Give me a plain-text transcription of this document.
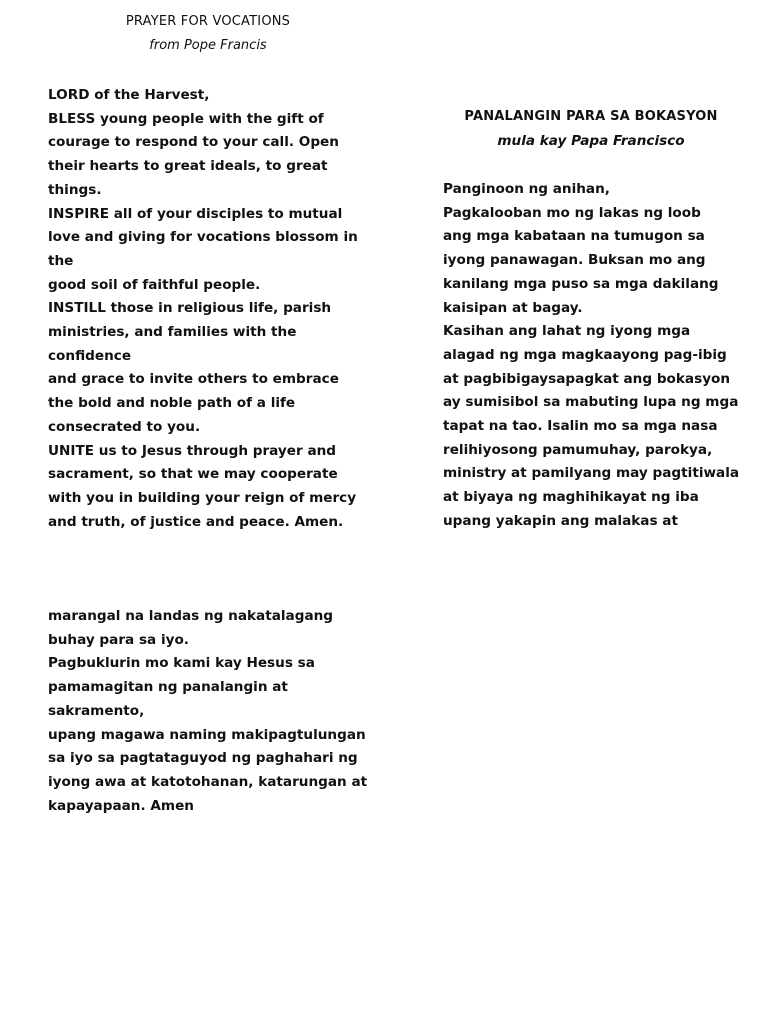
PRAYER FOR VOCATIONS
from Pope Francis
LORD of the Harvest,
BLESS young people with the gift of
courage to respond to your call. Open
their hearts to great ideals, to great
things.
INSPIRE all of your disciples to mutual
love and giving for vocations blossom in
the
good soil of faithful people.
INSTILL those in religious life, parish
ministries, and families with the
confidence
and grace to invite others to embrace
the bold and noble path of a life
consecrated to you.
UNITE us to Jesus through prayer and
sacrament, so that we may cooperate
with you in building your reign of mercy
and truth, of justice and peace. Amen.
PANALANGIN PARA SA BOKASYON
mula kay Papa Francisco
Panginoon ng anihan,
Pagkalooban mo ng lakas ng loob
ang mga kabataan na tumugon sa
iyong panawagan. Buksan mo ang
kanilang mga puso sa mga dakilang
kaisipan at bagay.
Kasihan ang lahat ng iyong mga
alagad ng mga magkaayong pag-ibig
at pagbibigaysapagkat ang bokasyon
ay sumisibol sa mabuting lupa ng mga
tapat na tao. Isalin mo sa mga nasa
relihiyosong pamumuhay, parokya,
ministry at pamilyang may pagtitiwala
at biyaya ng maghihikayat ng iba
upang yakapin ang malakas at
marangal na landas ng nakatalagang
buhay para sa iyo.
Pagbuklurin mo kami kay Hesus sa
pamamagitan ng panalangin at
sakramento,
upang magawa naming makipagtulungan
sa iyo sa pagtataguyod ng paghahari ng
iyong awa at katotohanan, katarungan at
kapayapaan. Amen
